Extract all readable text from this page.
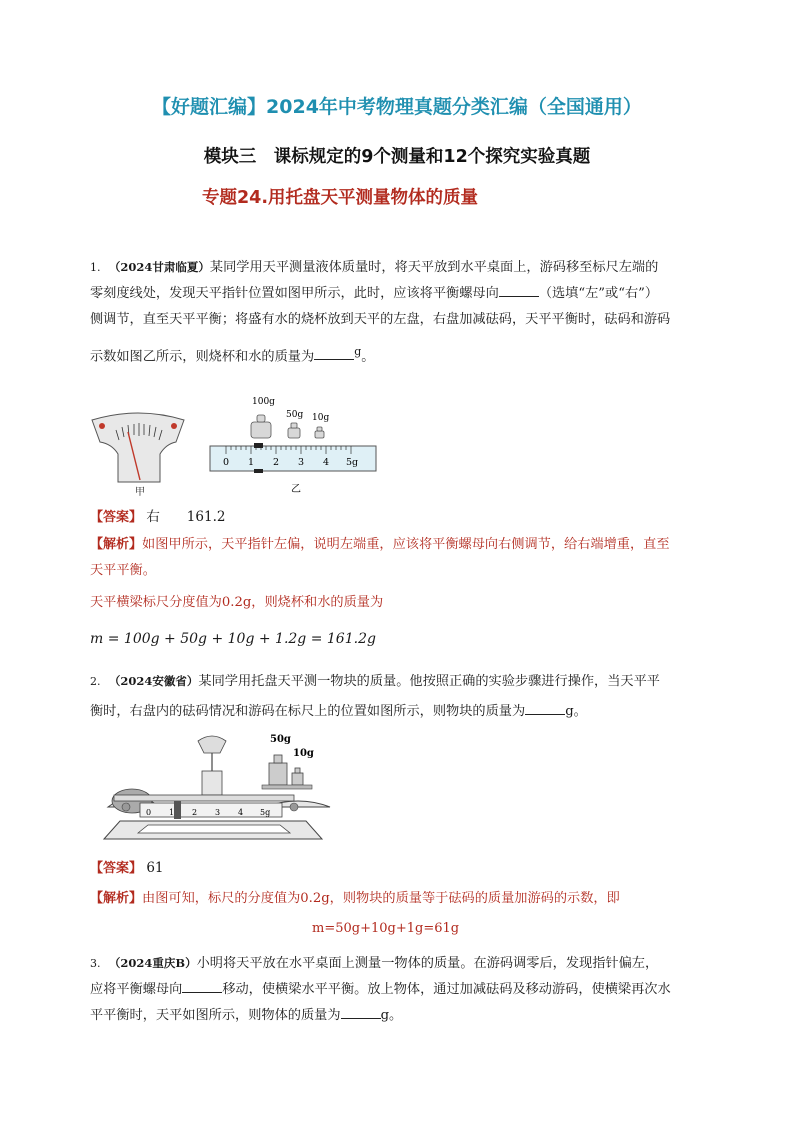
【好题汇编】2024年中考物理真题分类汇编（全国通用）
模块三　课标规定的9个测量和12个探究实验真题
专题24.用托盘天平测量物体的质量
1. （2024甘肃临夏）某同学用天平测量液体质量时，将天平放到水平桌面上，游码移至标尺左端的
零刻度线处，发现天平指针位置如图甲所示，此时，应该将平衡螺母向	（选填“左”或“右”）
侧调节，直至天平平衡；将盛有水的烧杯放到天平的左盘，右盘加减砝码，天平平衡时，砝码和游码
示数如图乙所示，则烧杯和水的质量为	$^g$。
甲
100g
50g 10g
0 1 2 3 4 5g
乙
【答案】 右　　161.2
【解析】如图甲所示，天平指针左偏，说明左端重，应该将平衡螺母向右侧调节，给右端增重，直至
天平平衡。
天平横梁标尺分度值为0.2g，则烧杯和水的质量为
m = 100g + 50g + 10g + 1.2g = 161.2g
2. （2024安徽省）某同学用托盘天平测一物块的质量。他按照正确的实验步骤进行操作，当天平平
衡时，右盘内的砝码情况和游码在标尺上的位置如图所示，则物块的质量为	g。
50g
10g
0 1 2 3 4 5g
【答案】 61
【解析】由图可知，标尺的分度值为0.2g，则物块的质量等于砝码的质量加游码的示数，即
m=50g+10g+1g=61g
3. （2024重庆B）小明将天平放在水平桌面上测量一物体的质量。在游码调零后，发现指针偏左，
应将平衡螺母向	移动，使横梁水平平衡。放上物体，通过加减砝码及移动游码，使横梁再次水
平平衡时，天平如图所示，则物体的质量为	g。
